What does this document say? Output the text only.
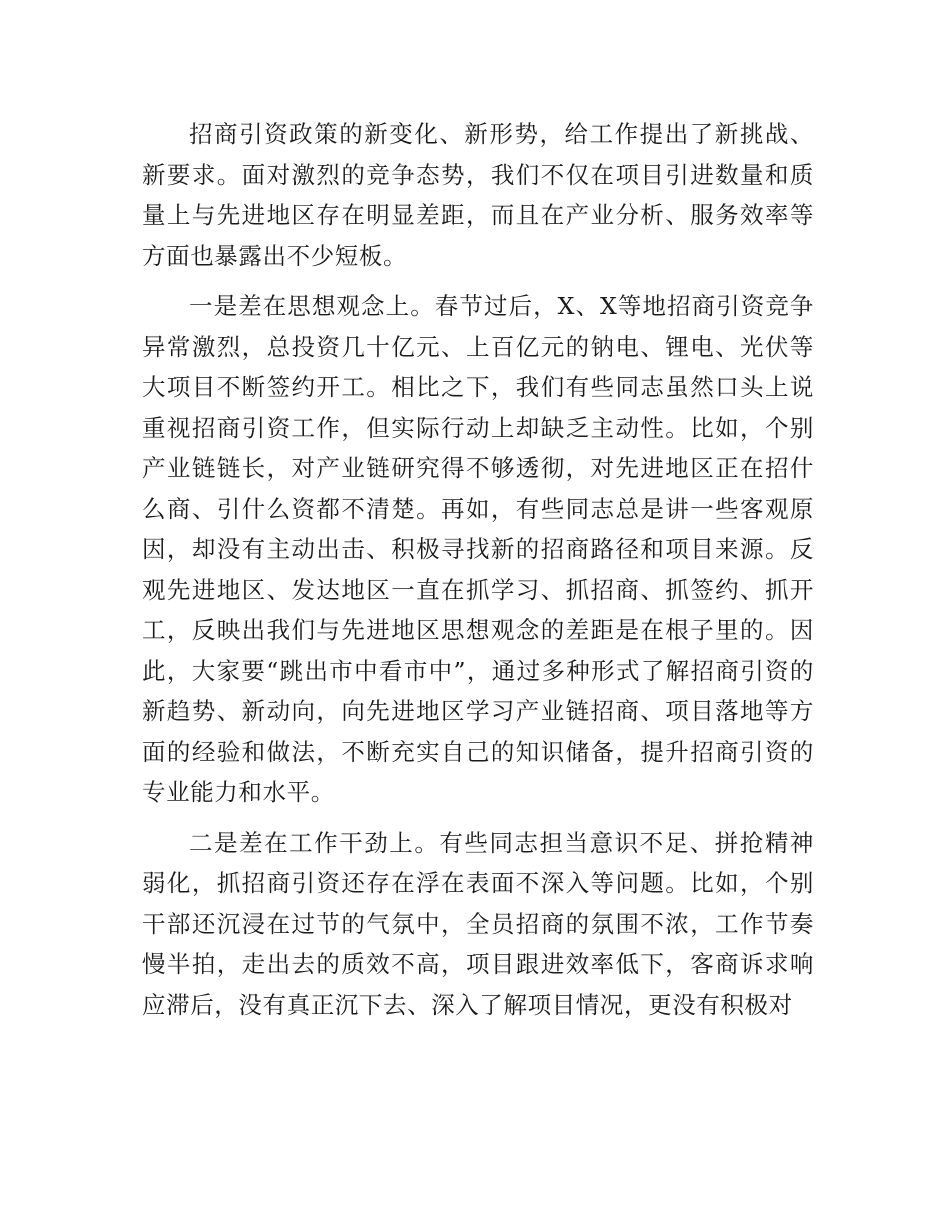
招商引资政策的新变化、新形势，给工作提出了新挑战、新要求。面对激烈的竞争态势，我们不仅在项目引进数量和质量上与先进地区存在明显差距，而且在产业分析、服务效率等方面也暴露出不少短板。

一是差在思想观念上。春节过后，X、X等地招商引资竞争异常激烈，总投资几十亿元、上百亿元的钠电、锂电、光伏等大项目不断签约开工。相比之下，我们有些同志虽然口头上说重视招商引资工作，但实际行动上却缺乏主动性。比如，个别产业链链长，对产业链研究得不够透彻，对先进地区正在招什么商、引什么资都不清楚。再如，有些同志总是讲一些客观原因，却没有主动出击、积极寻找新的招商路径和项目来源。反观先进地区、发达地区一直在抓学习、抓招商、抓签约、抓开工，反映出我们与先进地区思想观念的差距是在根子里的。因此，大家要“跳出市中看市中”，通过多种形式了解招商引资的新趋势、新动向，向先进地区学习产业链招商、项目落地等方面的经验和做法，不断充实自己的知识储备，提升招商引资的专业能力和水平。

二是差在工作干劲上。有些同志担当意识不足、拼抢精神弱化，抓招商引资还存在浮在表面不深入等问题。比如，个别干部还沉浸在过节的气氛中，全员招商的氛围不浓，工作节奏慢半拍，走出去的质效不高，项目跟进效率低下，客商诉求响应滞后，没有真正沉下去、深入了解项目情况，更没有积极对
